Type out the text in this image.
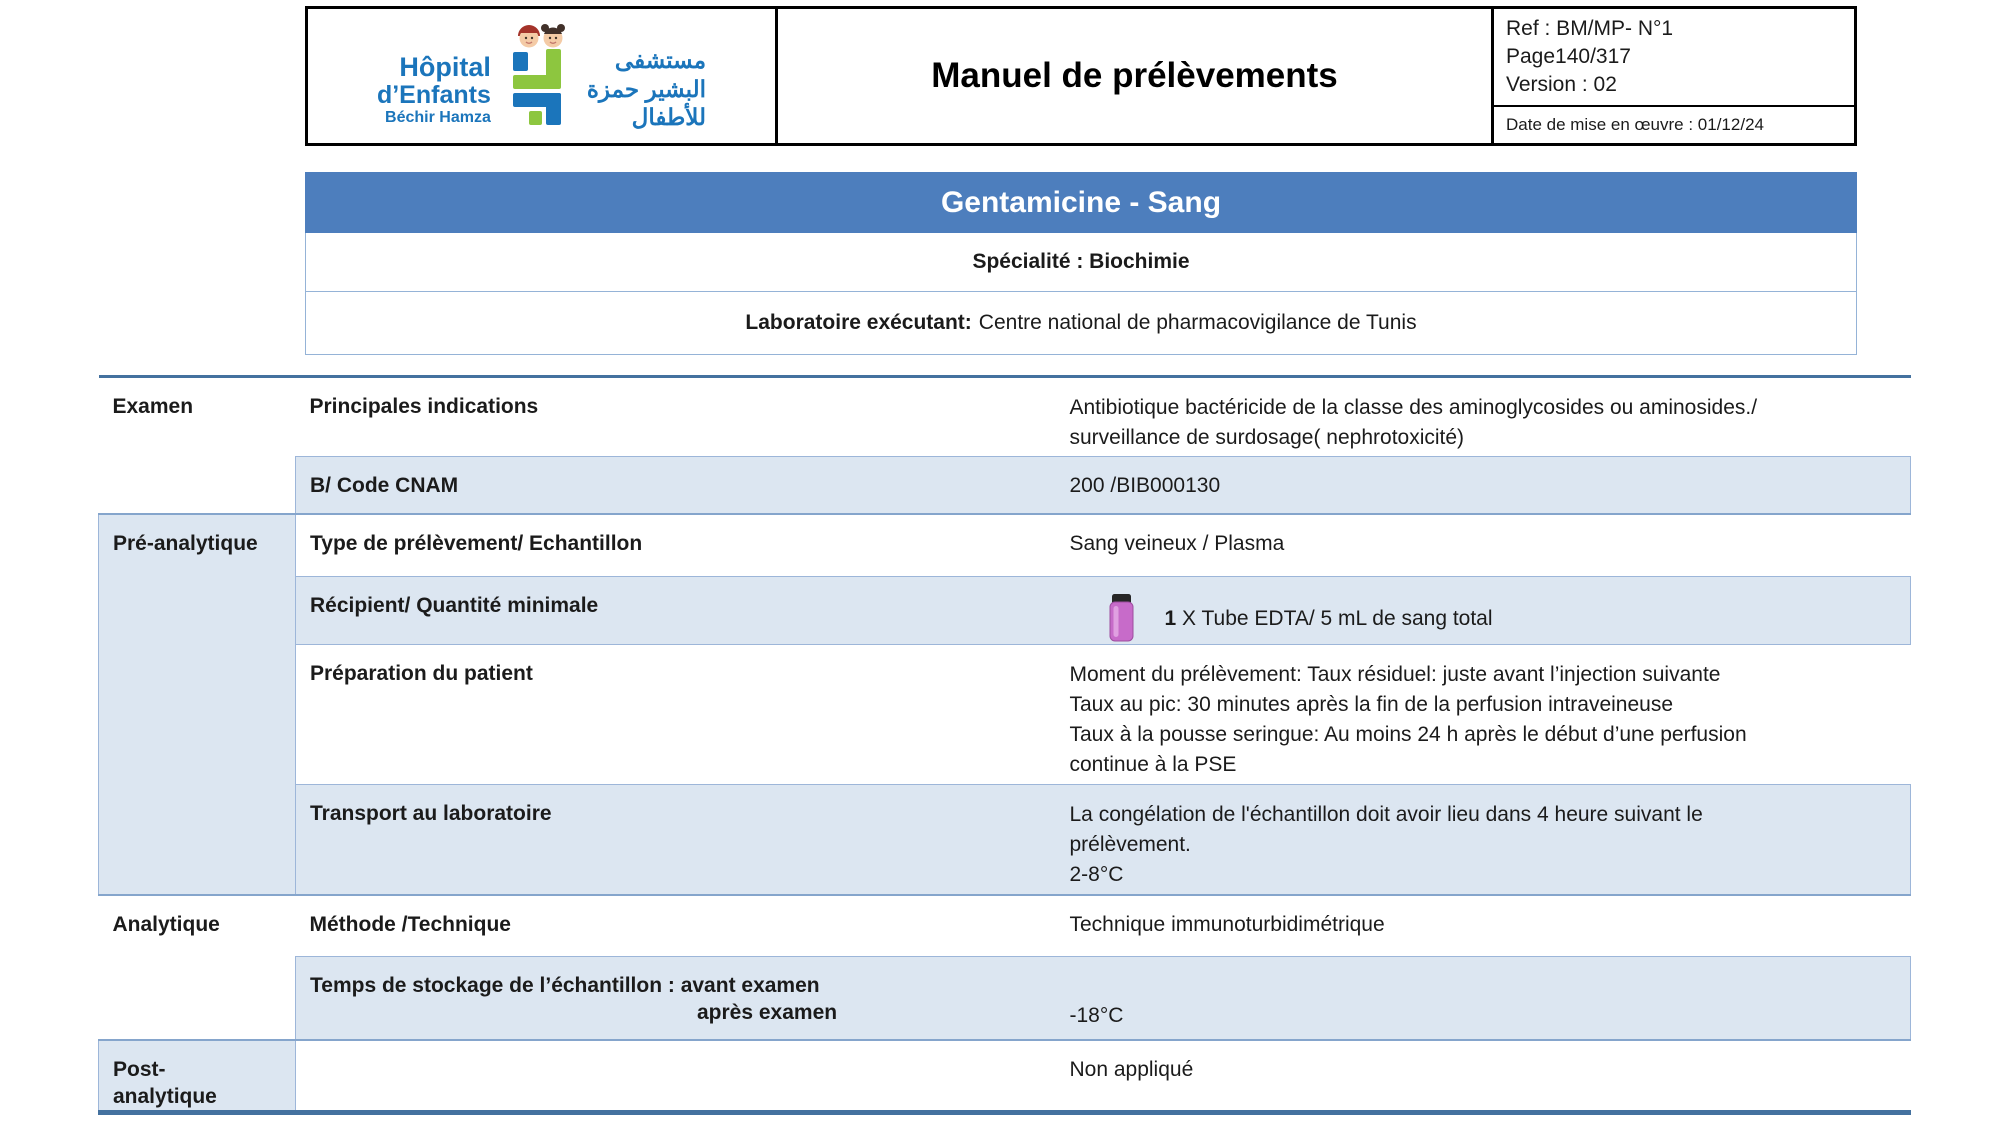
Hôpital
d’Enfants
Béchir Hamza
مستشفى
البشير حمزة
للأطفال
Manuel de prélèvements
Ref : BM/MP- N°1
Page140/317
Version : 02
Date de mise en œuvre : 01/12/24
Gentamicine - Sang
Spécialité : Biochimie
Laboratoire exécutant: Centre national de pharmacovigilance de Tunis
Examen	Principales indications	Antibiotique bactéricide de la classe des aminoglycosides ou aminosides./
surveillance de surdosage( nephrotoxicité)

	B/ Code CNAM	200 /BIB000130
Pré-analytique	Type de prélèvement/ Echantillon	Sang veineux / Plasma
	Récipient/ Quantité minimale	1 X Tube EDTA/ 5 mL de sang total

	Préparation du patient	Moment du prélèvement: Taux résiduel: juste avant l’injection suivante
Taux au pic: 30 minutes après la fin de la perfusion intraveineuse
Taux à la pousse seringue: Au moins 24 h après le début d’une perfusion
continue à la PSE

	Transport au laboratoire	La congélation de l'échantillon doit avoir lieu dans 4 heure suivant le
prélèvement.
2-8°C

Analytique	Méthode /Technique	Technique immunoturbidimétrique

	Temps de stockage de l’échantillon : avant examen
après examen	-18°C

Post-
analytique		Non appliqué
